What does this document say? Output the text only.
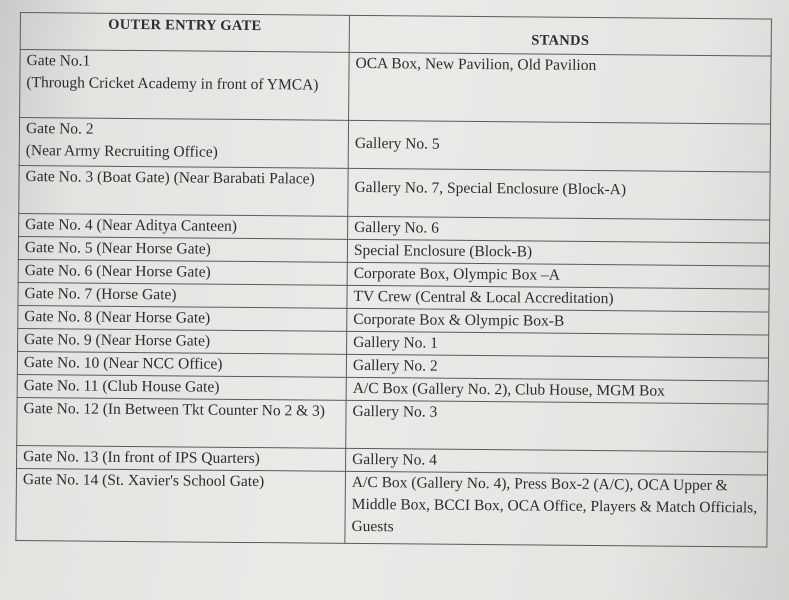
OUTER ENTRY GATE	STANDS
Gate No.1
(Through Cricket Academy in front of YMCA)	OCA Box, New Pavilion, Old Pavilion
Gate No. 2
(Near Army Recruiting Office)	Gallery No. 5
Gate No. 3 (Boat Gate) (Near Barabati Palace)	Gallery No. 7, Special Enclosure (Block-A)
Gate No. 4 (Near Aditya Canteen)	Gallery No. 6
Gate No. 5 (Near Horse Gate)	Special Enclosure (Block-B)
Gate No. 6 (Near Horse Gate)	Corporate Box, Olympic Box –A
Gate No. 7 (Horse Gate)	TV Crew (Central & Local Accreditation)
Gate No. 8 (Near Horse Gate)	Corporate Box & Olympic Box-B
Gate No. 9 (Near Horse Gate)	Gallery No. 1
Gate No. 10 (Near NCC Office)	Gallery No. 2
Gate No. 11 (Club House Gate)	A/C Box (Gallery No. 2), Club House, MGM Box
Gate No. 12 (In Between Tkt Counter No 2 & 3)	Gallery No. 3
Gate No. 13 (In front of IPS Quarters)	Gallery No. 4
Gate No. 14 (St. Xavier's School Gate)	A/C Box (Gallery No. 4), Press Box-2 (A/C), OCA Upper & Middle Box, BCCI Box, OCA Office, Players & Match Officials, Guests
